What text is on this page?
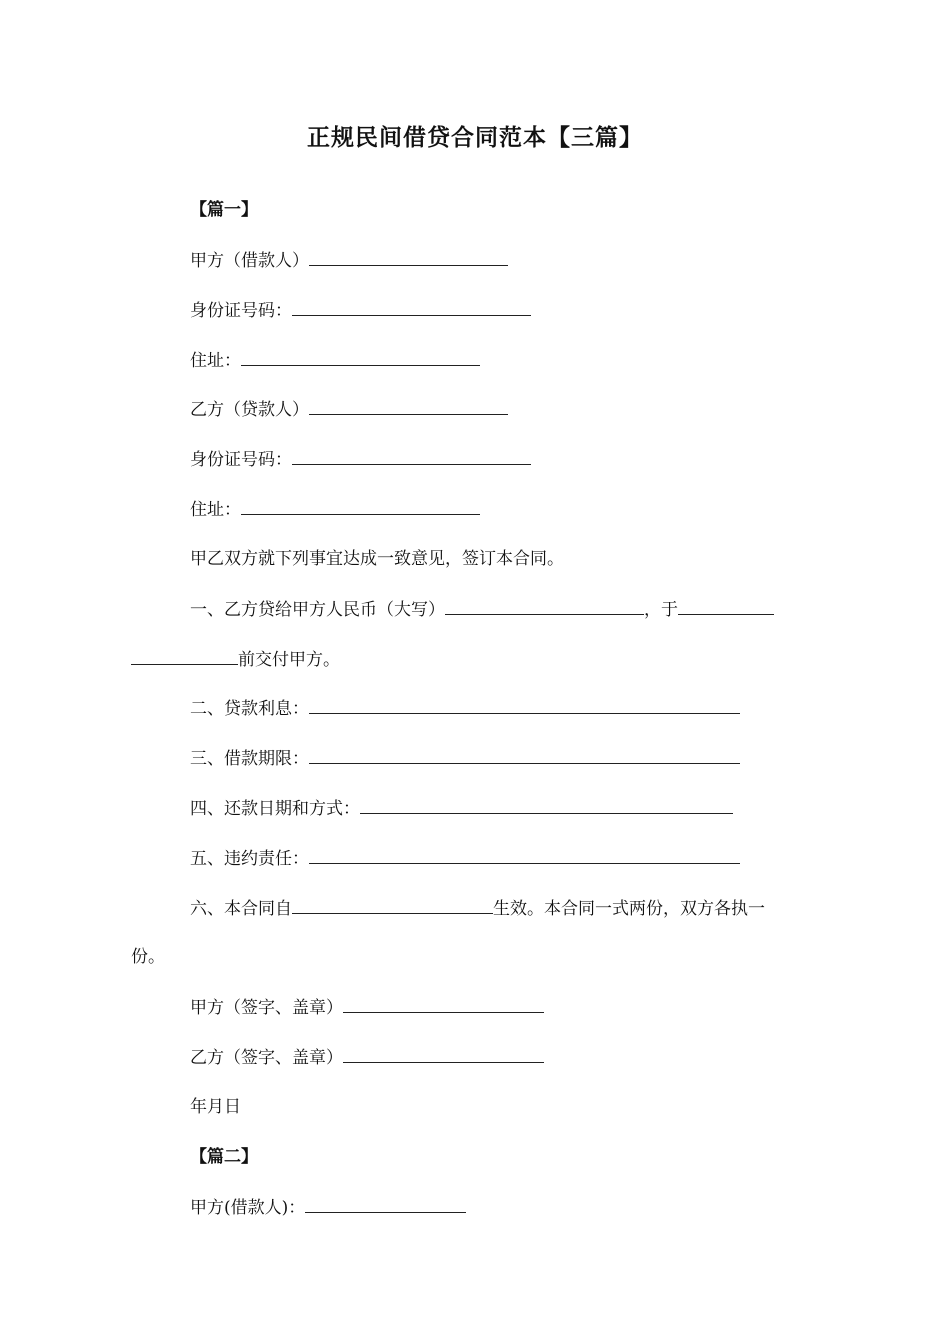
正规民间借贷合同范本【三篇】
【篇一】
甲方（借款人）
身份证号码：
住址：
乙方（贷款人）
身份证号码：
住址：
甲乙双方就下列事宜达成一致意见，签订本合同。
一、乙方贷给甲方人民币（大写）	，于
前交付甲方。
二、贷款利息：
三、借款期限：
四、还款日期和方式：
五、违约责任：
六、本合同自	生效。本合同一式两份，双方各执一
份。
甲方（签字、盖章）
乙方（签字、盖章）
年月日
【篇二】
甲方(借款人)：
